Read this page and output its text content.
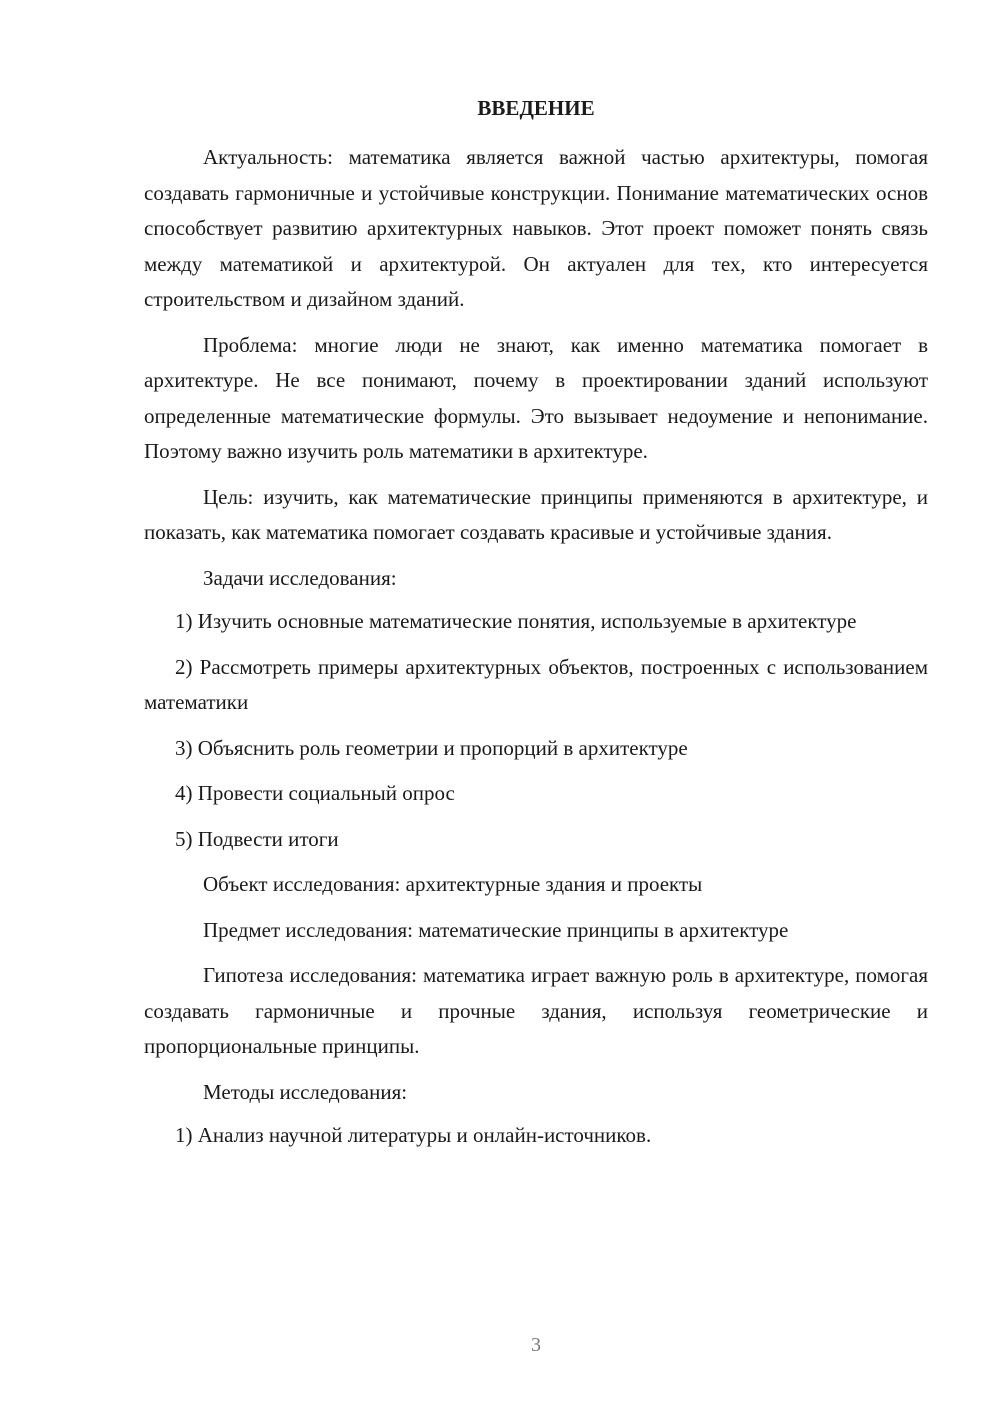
ВВЕДЕНИЕ

Актуальность: математика является важной частью архитектуры, помогая создавать гармоничные и устойчивые конструкции. Понимание математических основ способствует развитию архитектурных навыков. Этот проект поможет понять связь между математикой и архитектурой. Он актуален для тех, кто интересуется строительством и дизайном зданий.

Проблема: многие люди не знают, как именно математика помогает в архитектуре. Не все понимают, почему в проектировании зданий используют определенные математические формулы. Это вызывает недоумение и непонимание. Поэтому важно изучить роль математики в архитектуре.

Цель: изучить, как математические принципы применяются в архитектуре, и показать, как математика помогает создавать красивые и устойчивые здания.

Задачи исследования:

1) Изучить основные математические понятия, используемые в архитектуре

2) Рассмотреть примеры архитектурных объектов, построенных с использованием математики

3) Объяснить роль геометрии и пропорций в архитектуре

4) Провести социальный опрос

5) Подвести итоги

Объект исследования: архитектурные здания и проекты

Предмет исследования: математические принципы в архитектуре

Гипотеза исследования: математика играет важную роль в архитектуре, помогая создавать гармоничные и прочные здания, используя геометрические и пропорциональные принципы.

Методы исследования:

1) Анализ научной литературы и онлайн-источников.

3
